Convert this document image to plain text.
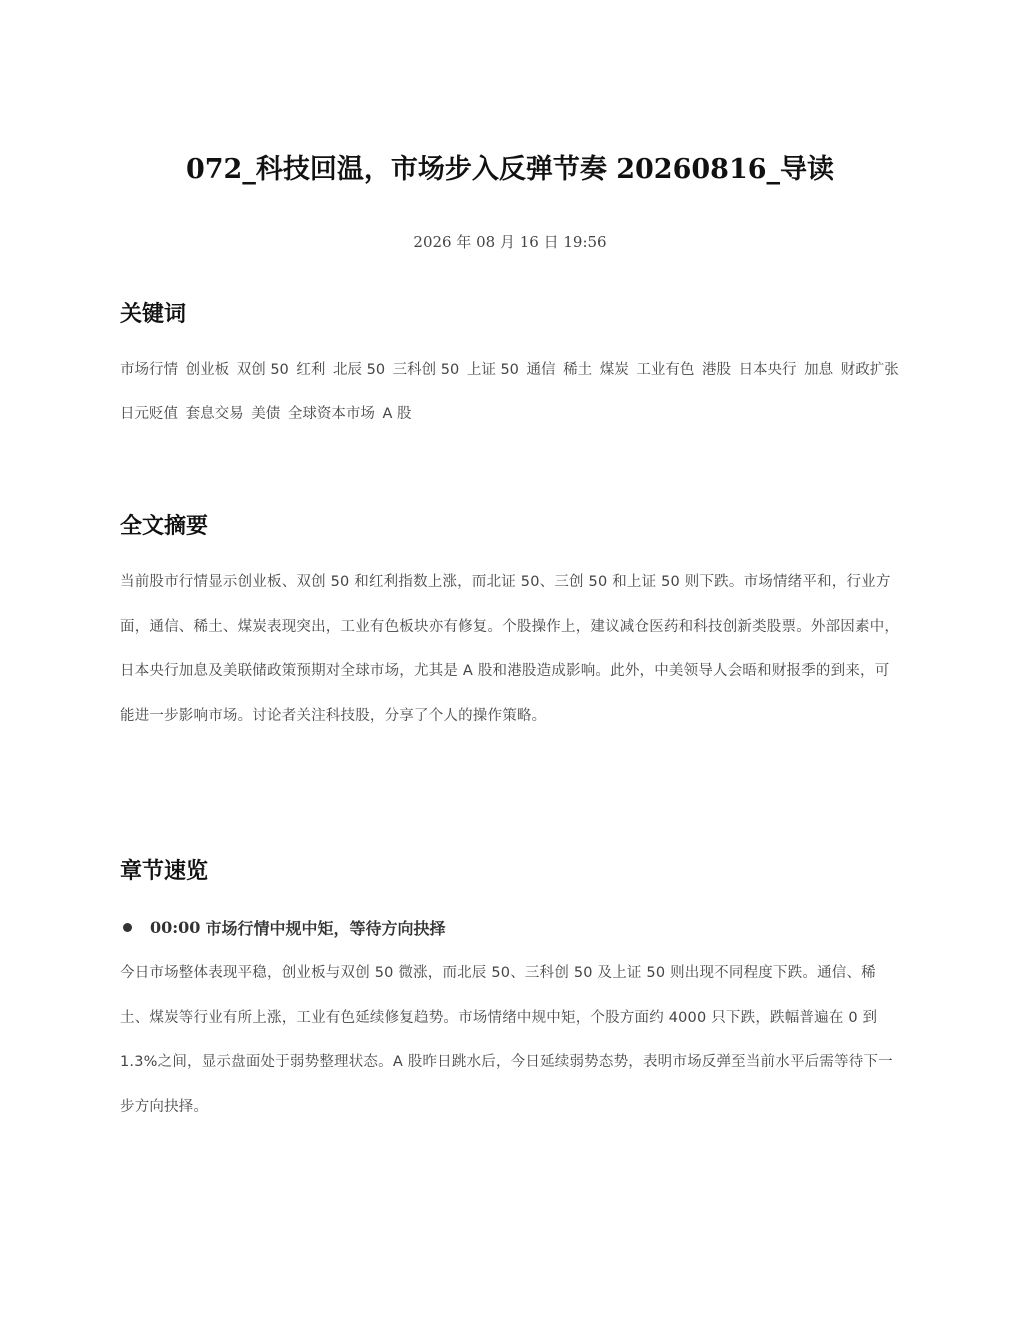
072_科技回温，市场步入反弹节奏 20260816_导读

2026 年 08 月 16 日 19:56

关键词

市场行情 创业板 双创 50 红利 北辰 50 三科创 50 上证 50 通信 稀土 煤炭 工业有色 港股 日本央行 加息 财政扩张 日元贬值 套息交易 美债 全球资本市场 A 股

全文摘要

当前股市行情显示创业板、双创 50 和红利指数上涨，而北证 50、三创 50 和上证 50 则下跌。市场情绪平和，行业方面，通信、稀土、煤炭表现突出，工业有色板块亦有修复。个股操作上，建议减仓医药和科技创新类股票。外部因素中，日本央行加息及美联储政策预期对全球市场，尤其是 A 股和港股造成影响。此外，中美领导人会晤和财报季的到来，可能进一步影响市场。讨论者关注科技股，分享了个人的操作策略。

章节速览
00:00 市场行情中规中矩，等待方向抉择

今日市场整体表现平稳，创业板与双创 50 微涨，而北辰 50、三科创 50 及上证 50 则出现不同程度下跌。通信、稀土、煤炭等行业有所上涨，工业有色延续修复趋势。市场情绪中规中矩，个股方面约 4000 只下跌，跌幅普遍在 0 到 1.3%之间，显示盘面处于弱势整理状态。A 股昨日跳水后，今日延续弱势态势，表明市场反弹至当前水平后需等待下一步方向抉择。
